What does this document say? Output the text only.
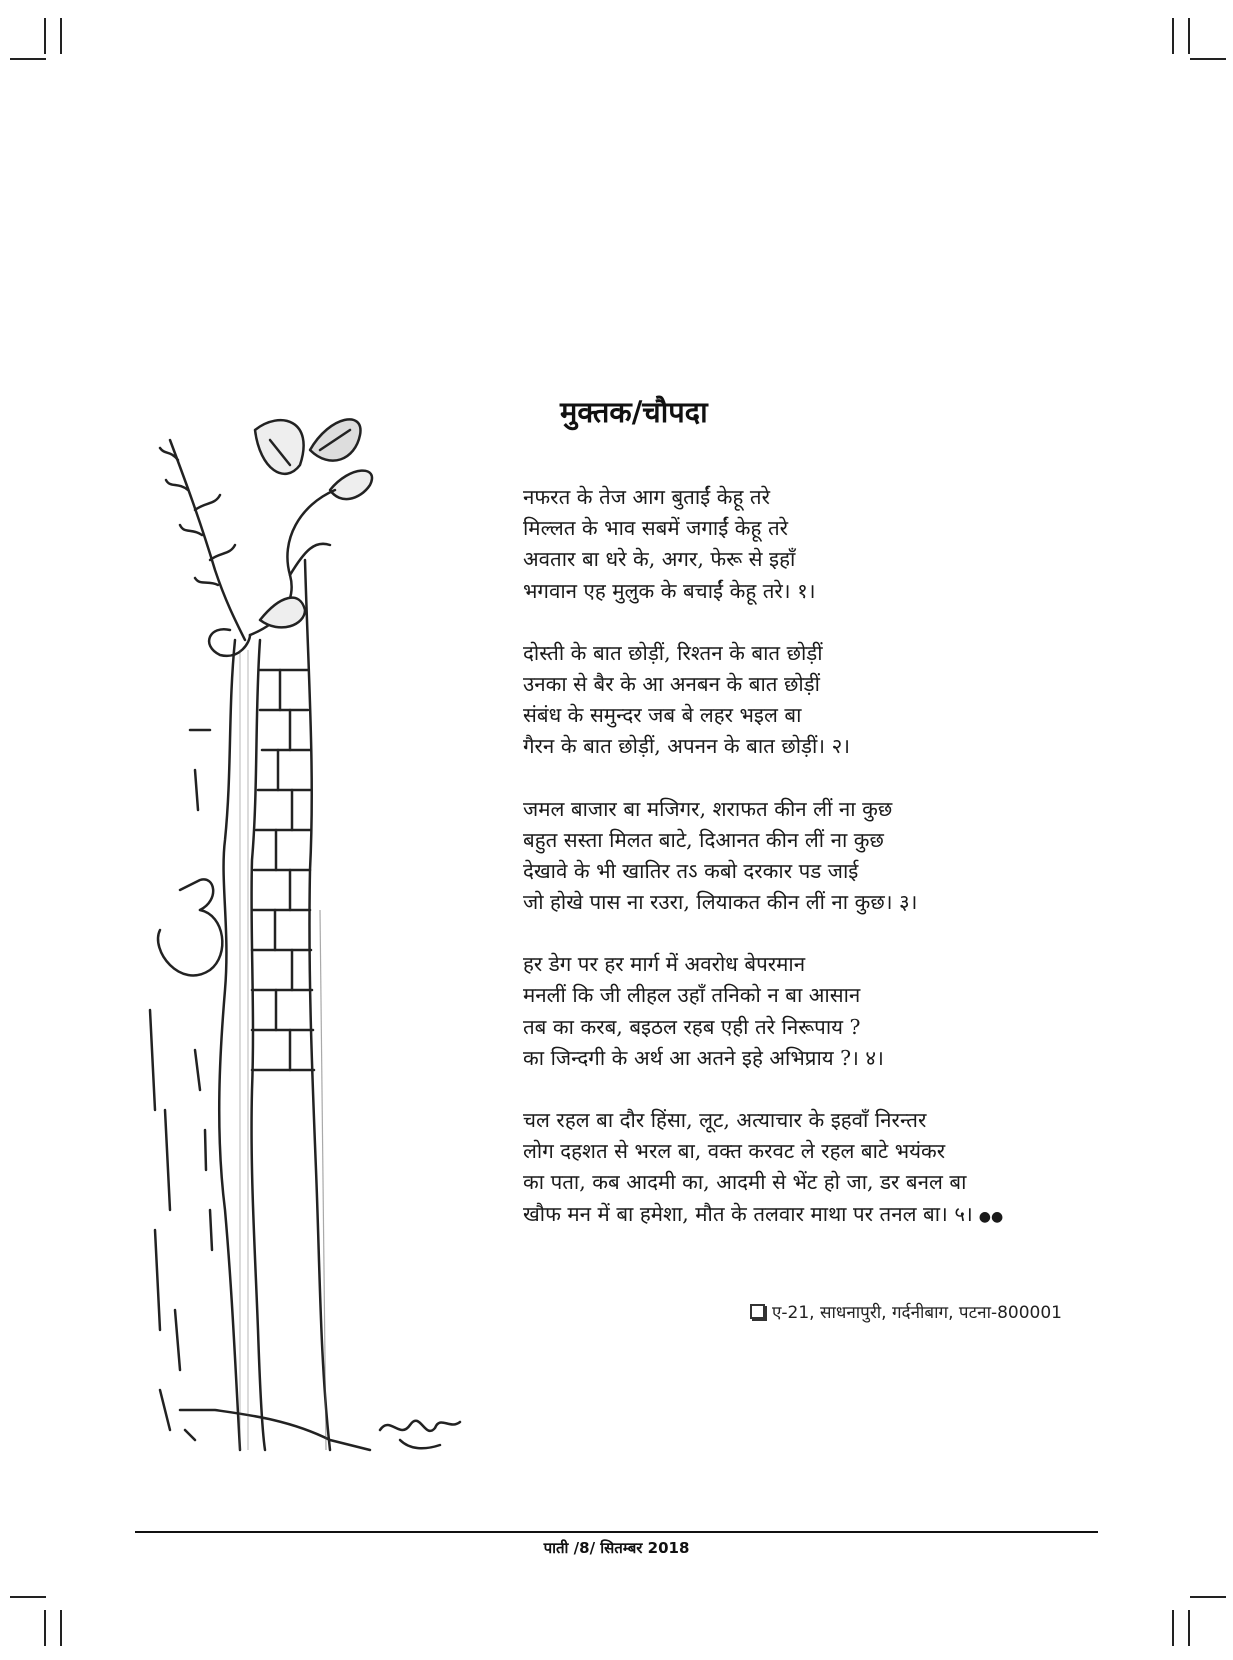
मुक्तक/चौपदा
नफरत के तेज आग बुताईं केहू तरे
मिल्लत के भाव सबमें जगाईं केहू तरे
अवतार बा धरे के, अगर, फेरू से इहाँ
भगवान एह मुलुक के बचाईं केहू तरे। १।
दोस्ती के बात छोड़ीं, रिश्तन के बात छोड़ीं
उनका से बैर के आ अनबन के बात छोड़ीं
संबंध के समुन्दर जब बे लहर भइल बा
गैरन के बात छोड़ीं, अपनन के बात छोड़ीं। २।
जमल बाजार बा मजिगर, शराफत कीन लीं ना कुछ
बहुत सस्ता मिलत बाटे, दिआनत कीन लीं ना कुछ
देखावे के भी खातिर तऽ कबो दरकार पड जाई
जो होखे पास ना रउरा, लियाकत कीन लीं ना कुछ। ३।
हर डेग पर हर मार्ग में अवरोध बेपरमान
मनलीं कि जी लीहल उहाँ तनिको न बा आसान
तब का करब, बइठल रहब एही तरे निरूपाय ?
का जिन्दगी के अर्थ आ अतने इहे अभिप्राय ?। ४।
चल रहल बा दौर हिंसा, लूट, अत्याचार के इहवाँ निरन्तर
लोग दहशत से भरल बा, वक्त करवट ले रहल बाटे भयंकर
का पता, कब आदमी का, आदमी से भेंट हो जा, डर बनल बा
खौफ मन में बा हमेशा, मौत के तलवार माथा पर तनल बा। ५। ●●
ए-21, साधनापुरी, गर्दनीबाग, पटना-800001
पाती /8/ सितम्बर 2018
